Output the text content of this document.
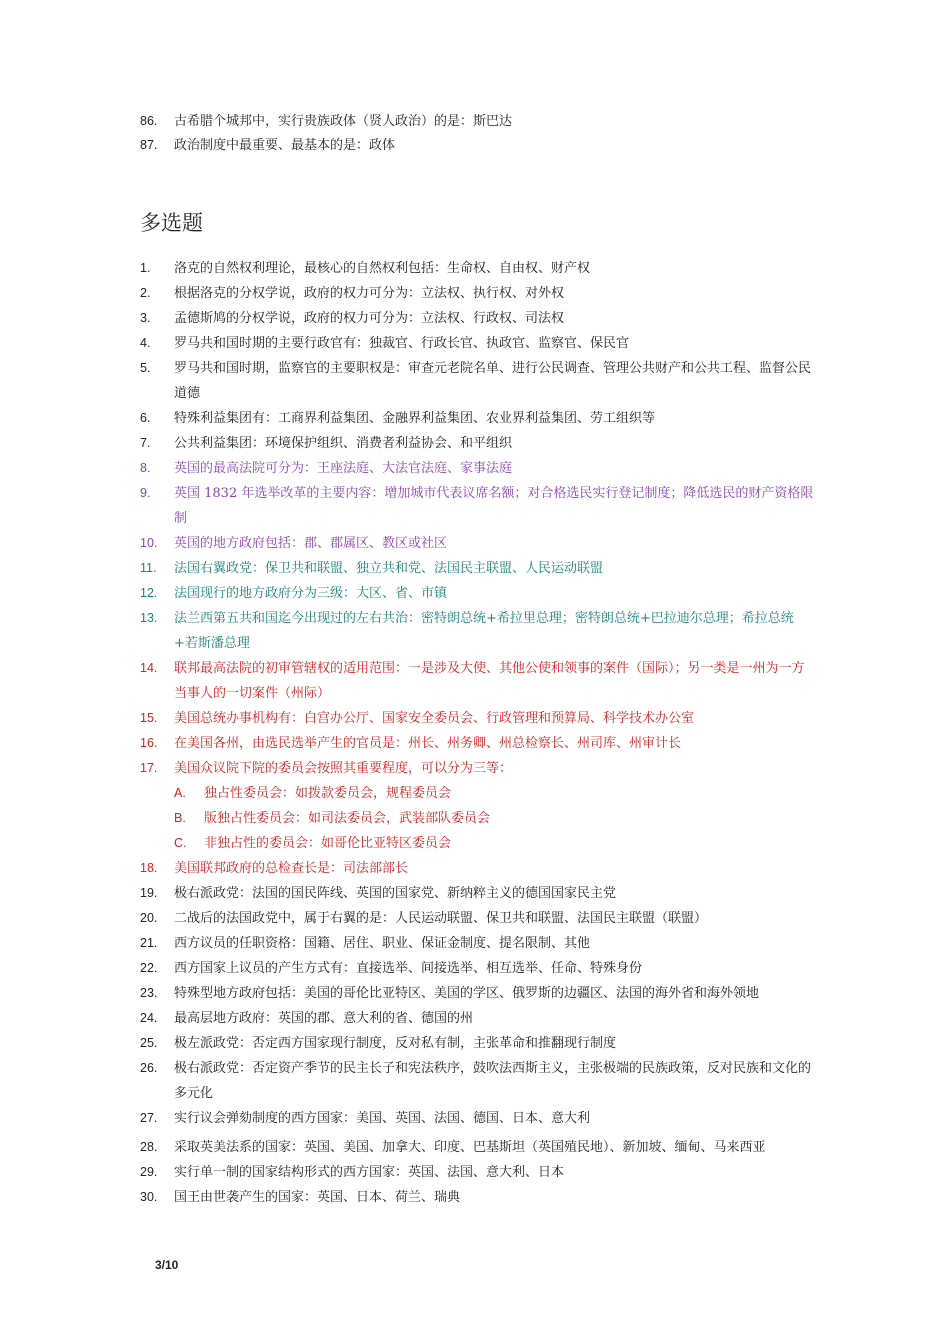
86. 古希腊个城邦中，实行贵族政体（贤人政治）的是：斯巴达
87. 政治制度中最重要、最基本的是：政体
多选题
1. 洛克的自然权利理论，最核心的自然权利包括：生命权、自由权、财产权
2. 根据洛克的分权学说，政府的权力可分为：立法权、执行权、对外权
3. 孟德斯鸠的分权学说，政府的权力可分为：立法权、行政权、司法权
4. 罗马共和国时期的主要行政官有：独裁官、行政长官、执政官、监察官、保民官
5. 罗马共和国时期，监察官的主要职权是：审查元老院名单、进行公民调查、管理公共财产和公共工程、监督公民道德
6. 特殊利益集团有：工商界利益集团、金融界利益集团、农业界利益集团、劳工组织等
7. 公共利益集团：环境保护组织、消费者利益协会、和平组织
8. 英国的最高法院可分为：王座法庭、大法官法庭、家事法庭
9. 英国 1832 年选举改革的主要内容：增加城市代表议席名额；对合格选民实行登记制度；降低选民的财产资格限制
10. 英国的地方政府包括：郡、郡属区、教区或社区
11. 法国右翼政党：保卫共和联盟、独立共和党、法国民主联盟、人民运动联盟
12. 法国现行的地方政府分为三级：大区、省、市镇
13. 法兰西第五共和国迄今出现过的左右共治：密特朗总统+希拉里总理；密特朗总统+巴拉迪尔总理；希拉总统+若斯潘总理
14. 联邦最高法院的初审管辖权的适用范围：一是涉及大使、其他公使和领事的案件（国际）；另一类是一州为一方当事人的一切案件（州际）
15. 美国总统办事机构有：白宫办公厅、国家安全委员会、行政管理和预算局、科学技术办公室
16. 在美国各州，由选民选举产生的官员是：州长、州务卿、州总检察长、州司库、州审计长
17. 美国众议院下院的委员会按照其重要程度，可以分为三等：
A. 独占性委员会：如拨款委员会，规程委员会
B. 版独占性委员会：如司法委员会，武装部队委员会
C. 非独占性的委员会：如哥伦比亚特区委员会
18. 美国联邦政府的总检查长是：司法部部长
19. 极右派政党：法国的国民阵线、英国的国家党、新纳粹主义的德国国家民主党
20. 二战后的法国政党中，属于右翼的是：人民运动联盟、保卫共和联盟、法国民主联盟（联盟）
21. 西方议员的任职资格：国籍、居住、职业、保证金制度、提名限制、其他
22. 西方国家上议员的产生方式有：直接选举、间接选举、相互选举、任命、特殊身份
23. 特殊型地方政府包括：美国的哥伦比亚特区、美国的学区、俄罗斯的边疆区、法国的海外省和海外领地
24. 最高层地方政府：英国的郡、意大利的省、德国的州
25. 极左派政党：否定西方国家现行制度，反对私有制，主张革命和推翻现行制度
26. 极右派政党：否定资产季节的民主长子和宪法秩序，鼓吹法西斯主义，主张极端的民族政策，反对民族和文化的多元化
27. 实行议会弹劾制度的西方国家：美国、英国、法国、德国、日本、意大利
28. 采取英美法系的国家：英国、美国、加拿大、印度、巴基斯坦（英国殖民地）、新加坡、缅甸、马来西亚
29. 实行单一制的国家结构形式的西方国家：英国、法国、意大利、日本
30. 国王由世袭产生的国家：英国、日本、荷兰、瑞典
3/10
